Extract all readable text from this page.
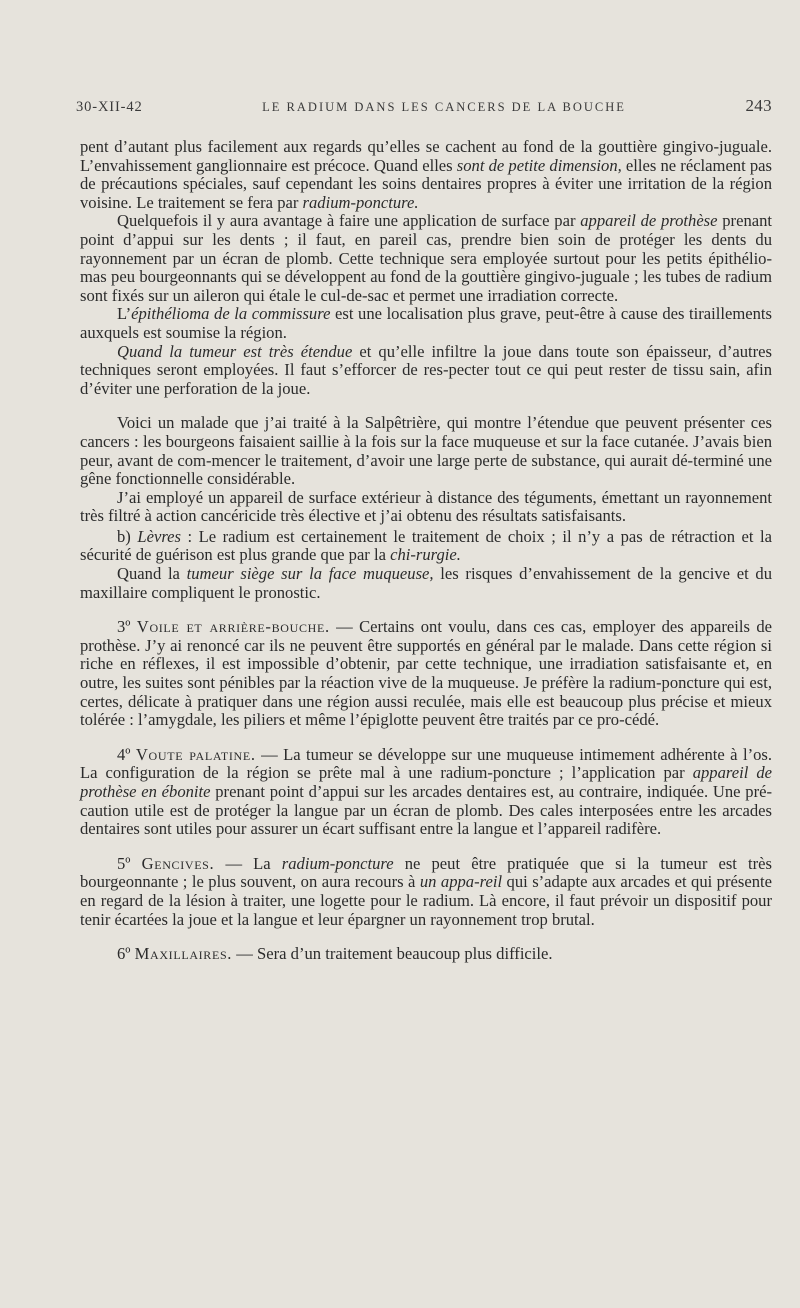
30-XII-42	LE RADIUM DANS LES CANCERS DE LA BOUCHE	243

pent d’autant plus facilement aux regards qu’elles se cachent au fond de la gouttière gingivo-juguale. L’envahissement ganglionnaire est précoce. Quand elles sont de petite dimension, elles ne réclament pas de précautions spéciales, sauf cependant les soins dentaires propres à éviter une irritation de la région voisine. Le traitement se fera par radium-poncture.

Quelquefois il y aura avantage à faire une application de surface par appareil de prothèse prenant point d’appui sur les dents ; il faut, en pareil cas, prendre bien soin de protéger les dents du rayonnement par un écran de plomb. Cette technique sera employée surtout pour les petits épithélio-mas peu bourgeonnants qui se développent au fond de la gouttière gingivo-juguale ; les tubes de radium sont fixés sur un aileron qui étale le cul-de-sac et permet une irradiation correcte.

L’épithélioma de la commissure est une localisation plus grave, peut-être à cause des tiraillements auxquels est soumise la région.

Quand la tumeur est très étendue et qu’elle infiltre la joue dans toute son épaisseur, d’autres techniques seront employées. Il faut s’efforcer de res-pecter tout ce qui peut rester de tissu sain, afin d’éviter une perforation de la joue.

Voici un malade que j’ai traité à la Salpêtrière, qui montre l’étendue que peuvent présenter ces cancers : les bourgeons faisaient saillie à la fois sur la face muqueuse et sur la face cutanée. J’avais bien peur, avant de com-mencer le traitement, d’avoir une large perte de substance, qui aurait dé-terminé une gêne fonctionnelle considérable.

J’ai employé un appareil de surface extérieur à distance des téguments, émettant un rayonnement très filtré à action cancéricide très élective et j’ai obtenu des résultats satisfaisants.

b) Lèvres : Le radium est certainement le traitement de choix ; il n’y a pas de rétraction et la sécurité de guérison est plus grande que par la chi-rurgie.

Quand la tumeur siège sur la face muqueuse, les risques d’envahissement de la gencive et du maxillaire compliquent le pronostic.

3º Voile et arrière-bouche. — Certains ont voulu, dans ces cas, employer des appareils de prothèse. J’y ai renoncé car ils ne peuvent être supportés en général par le malade. Dans cette région si riche en réflexes, il est impossible d’obtenir, par cette technique, une irradiation satisfaisante et, en outre, les suites sont pénibles par la réaction vive de la muqueuse. Je préfère la radium-poncture qui est, certes, délicate à pratiquer dans une région aussi reculée, mais elle est beaucoup plus précise et mieux tolérée : l’amygdale, les piliers et même l’épiglotte peuvent être traités par ce pro-cédé.

4º Voute palatine. — La tumeur se développe sur une muqueuse intimement adhérente à l’os. La configuration de la région se prête mal à une radium-poncture ; l’application par appareil de prothèse en ébonite prenant point d’appui sur les arcades dentaires est, au contraire, indiquée. Une pré-caution utile est de protéger la langue par un écran de plomb. Des cales interposées entre les arcades dentaires sont utiles pour assurer un écart suffisant entre la langue et l’appareil radifère.

5º Gencives. — La radium-poncture ne peut être pratiquée que si la tumeur est très bourgeonnante ; le plus souvent, on aura recours à un appa-reil qui s’adapte aux arcades et qui présente en regard de la lésion à traiter, une logette pour le radium. Là encore, il faut prévoir un dispositif pour tenir écartées la joue et la langue et leur épargner un rayonnement trop brutal.

6º Maxillaires. — Sera d’un traitement beaucoup plus difficile.
